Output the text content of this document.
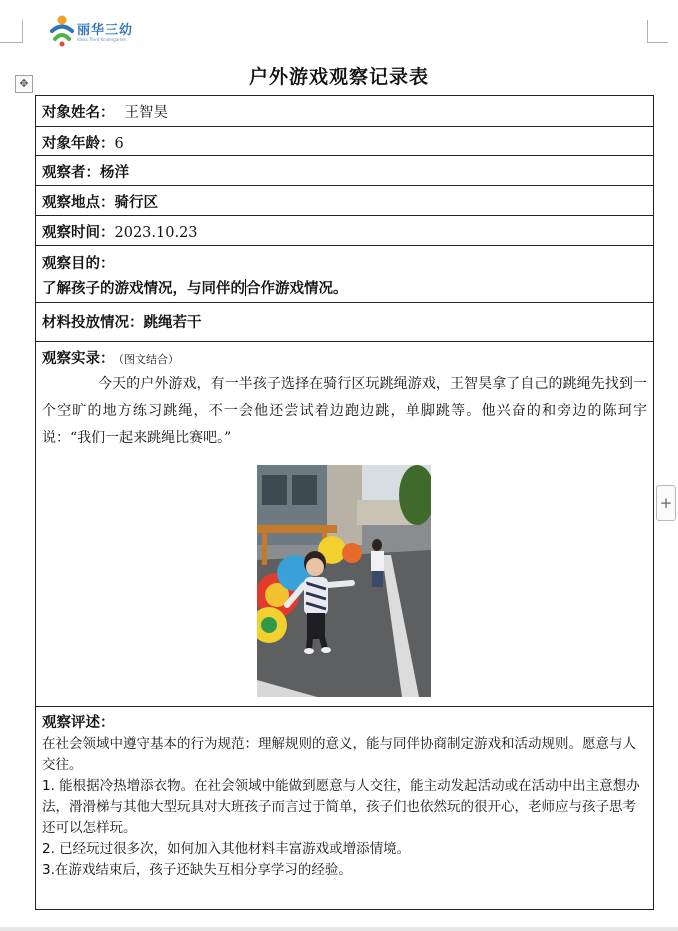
丽华三幼
Ideas Third Kindergarten
✥	户外游戏观察记录表
对象姓名： 王智昊
对象年龄：6
观察者：杨洋
观察地点：骑行区
观察时间：2023.10.23
观察目的：
了解孩子的游戏情况，与同伴的合作游戏情况。
材料投放情况：跳绳若干
观察实录： （图文结合）
今天的户外游戏，有一半孩子选择在骑行区玩跳绳游戏，王智昊拿了自己的跳绳先找到一个空旷的地方练习跳绳，不一会他还尝试着边跑边跳，单脚跳等。他兴奋的和旁边的陈珂宇说：“我们一起来跳绳比赛吧。”
观察评述：
在社会领域中遵守基本的行为规范：理解规则的意义，能与同伴协商制定游戏和活动规则。愿意与人交往。
1. 能根据冷热增添衣物。在社会领域中能做到愿意与人交往，能主动发起活动或在活动中出主意想办法，滑滑梯与其他大型玩具对大班孩子而言过于简单，孩子们也依然玩的很开心，老师应与孩子思考还可以怎样玩。
2. 已经玩过很多次，如何加入其他材料丰富游戏或增添情境。
3.在游戏结束后，孩子还缺失互相分享学习的经验。
+
